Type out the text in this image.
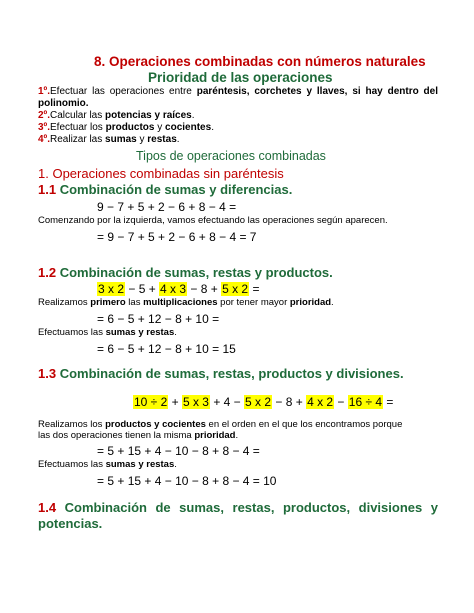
8. Operaciones combinadas con números naturales
Prioridad de las operaciones
1º.Efectuar las operaciones entre paréntesis, corchetes y llaves, si hay dentro del polinomio.
2º.Calcular las potencias y raíces.
3º.Efectuar los productos y cocientes.
4º.Realizar las sumas y restas.
Tipos de operaciones combinadas
1. Operaciones combinadas sin paréntesis
1.1 Combinación de sumas y diferencias.
9 − 7 + 5 + 2 − 6 + 8 − 4 =
Comenzando por la izquierda, vamos efectuando las operaciones según aparecen.
= 9 − 7 + 5 + 2 − 6 + 8 − 4 = 7
1.2 Combinación de sumas, restas y productos.
3 x 2 − 5 + 4 x 3 − 8 + 5 x 2 =
Realizamos primero las multiplicaciones por tener mayor prioridad.
= 6 − 5 + 12 − 8 + 10 =
Efectuamos las sumas y restas.
= 6 − 5 + 12 − 8 + 10 = 15
1.3 Combinación de sumas, restas, productos y divisiones.
10 ÷ 2 + 5 x 3 + 4 − 5 x 2 − 8 + 4 x 2 − 16 ÷ 4 =
Realizamos los productos y cocientes en el orden en el que los encontramos porque
las dos operaciones tienen la misma prioridad.
= 5 + 15 + 4 − 10 − 8 + 8 − 4 =
Efectuamos las sumas y restas.
= 5 + 15 + 4 − 10 − 8 + 8 − 4 = 10
1.4 Combinación de sumas, restas, productos, divisiones y potencias.
